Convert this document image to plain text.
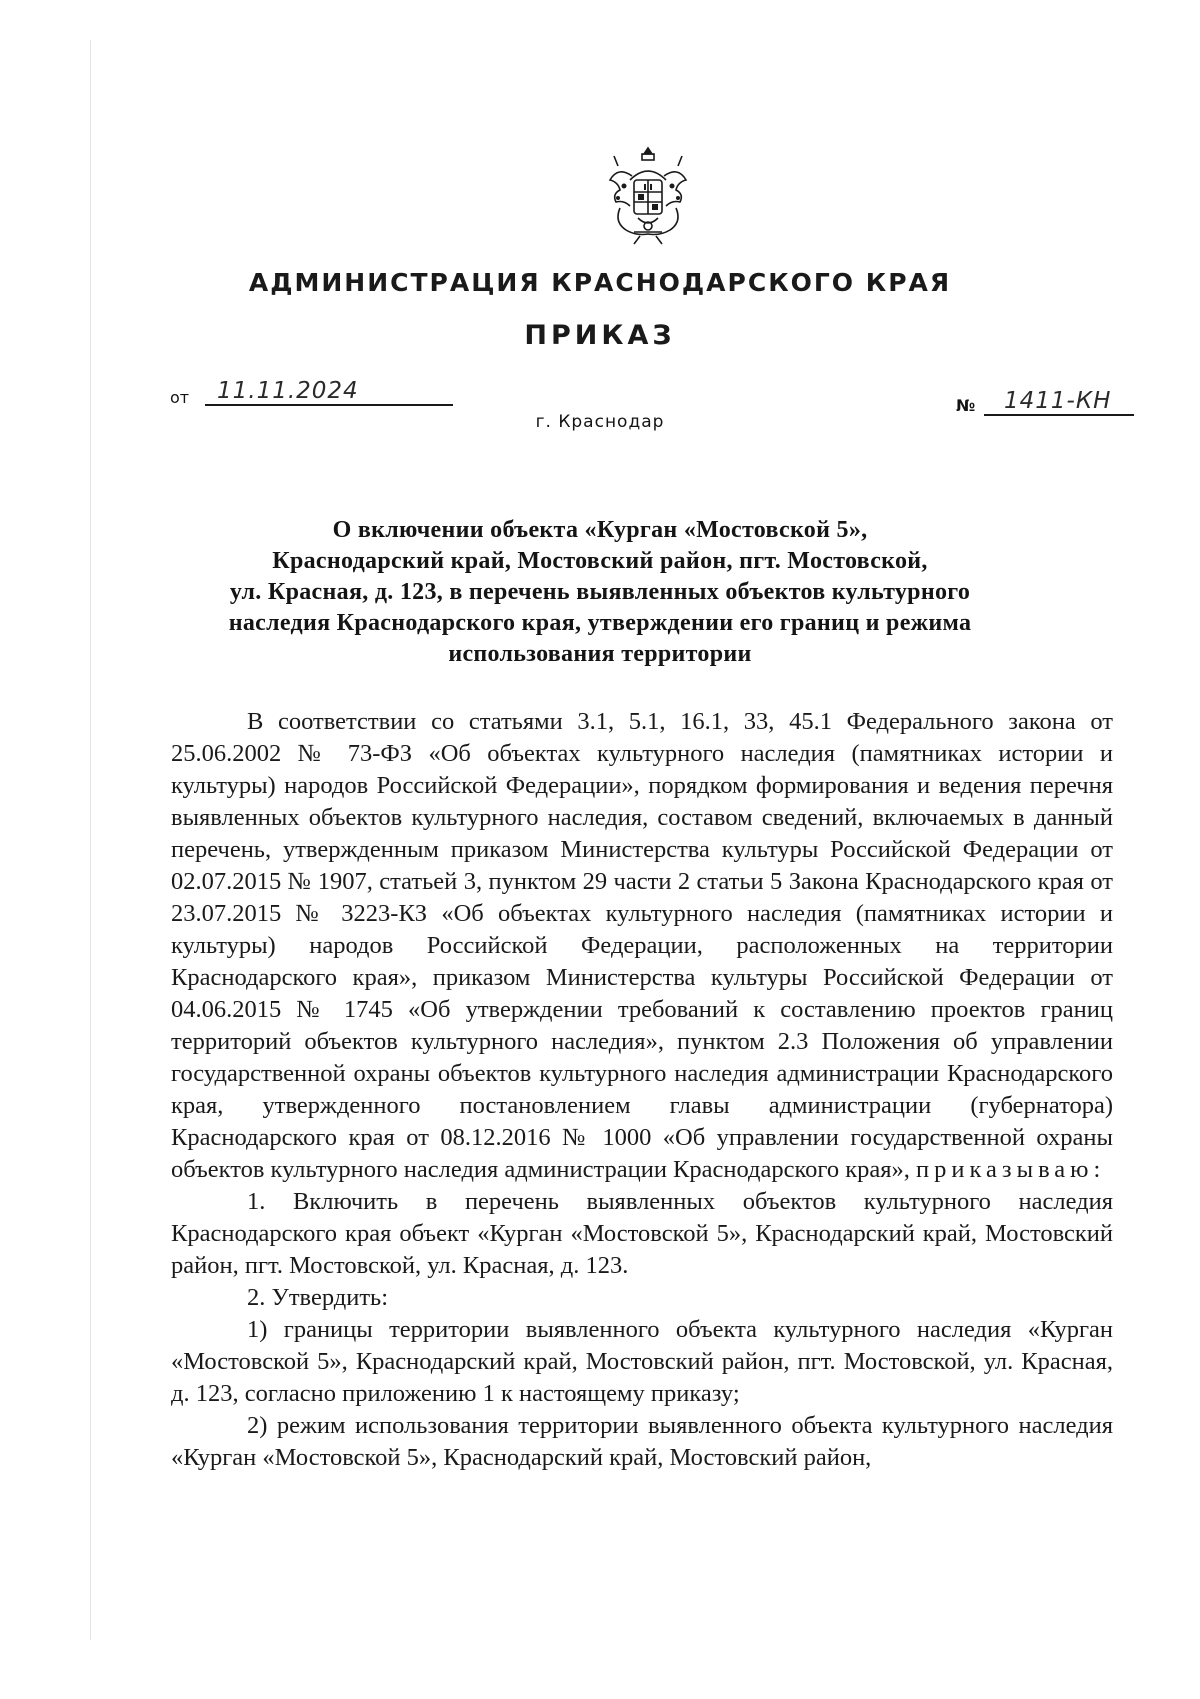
АДМИНИСТРАЦИЯ КРАСНОДАРСКОГО КРАЯ
ПРИКАЗ
от 11.11.2024
г. Краснодар
№ 1411-КН
О включении объекта «Курган «Мостовской 5»,
Краснодарский край, Мостовский район, пгт. Мостовской,
ул. Красная, д. 123, в перечень выявленных объектов культурного
наследия Краснодарского края, утверждении его границ и режима
использования территории

В соответствии со статьями 3.1, 5.1, 16.1, 33, 45.1 Федерального закона от 25.06.2002 № 73-ФЗ «Об объектах культурного наследия (памятниках истории и культуры) народов Российской Федерации», порядком формирования и ведения перечня выявленных объектов культурного наследия, составом сведений, включаемых в данный перечень, утвержденным приказом Министерства культуры Российской Федерации от 02.07.2015 № 1907, статьей 3, пунктом 29 части 2 статьи 5 Закона Краснодарского края от 23.07.2015 № 3223-КЗ «Об объектах культурного наследия (памятниках истории и культуры) народов Российской Федерации, расположенных на территории Краснодарского края», приказом Министерства культуры Российской Федерации от 04.06.2015 № 1745 «Об утверждении требований к составлению проектов границ территорий объектов культурного наследия», пунктом 2.3 Положения об управлении государственной охраны объектов культурного наследия администрации Краснодарского края, утвержденного постановлением главы администрации (губернатора) Краснодарского края от 08.12.2016 № 1000 «Об управлении государственной охраны объектов культурного наследия администрации Краснодарского края», приказываю:

1. Включить в перечень выявленных объектов культурного наследия Краснодарского края объект «Курган «Мостовской 5», Краснодарский край, Мостовский район, пгт. Мостовской, ул. Красная, д. 123.

2. Утвердить:

1) границы территории выявленного объекта культурного наследия «Курган «Мостовской 5», Краснодарский край, Мостовский район, пгт. Мостовской, ул. Красная, д. 123, согласно приложению 1 к настоящему приказу;

2) режим использования территории выявленного объекта культурного наследия «Курган «Мостовской 5», Краснодарский край, Мостовский район,
